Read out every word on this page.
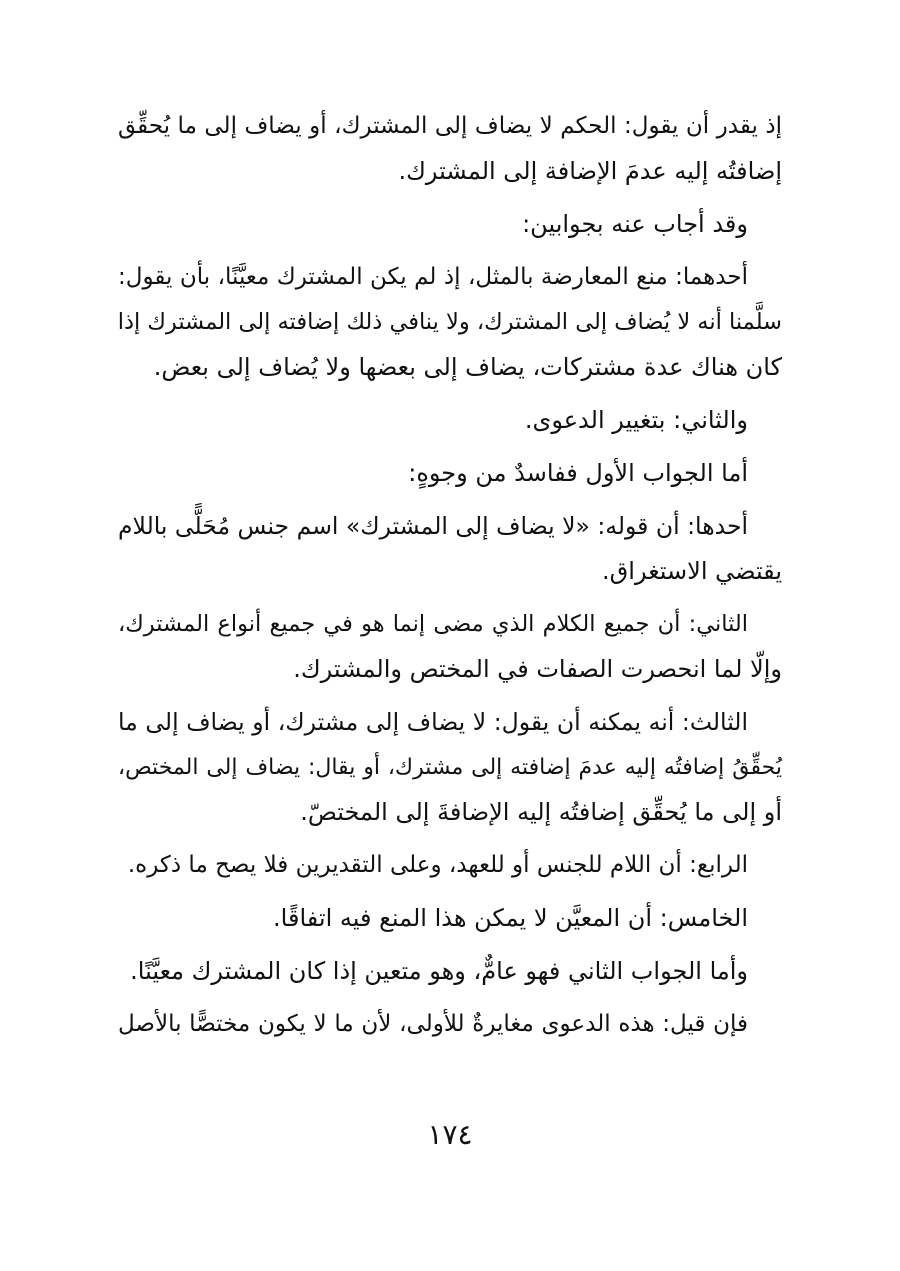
إذ يقدر أن يقول: الحكم لا يضاف إلى المشترك، أو يضاف إلى ما يُحقِّق
إضافتُه إليه عدمَ الإضافة إلى المشترك.

وقد أجاب عنه بجوابين:

أحدهما: منع المعارضة بالمثل، إذ لم يكن المشترك معيَّنًا، بأن يقول:
سلَّمنا أنه لا يُضاف إلى المشترك، ولا ينافي ذلك إضافته إلى المشترك إذا
كان هناك عدة مشتركات، يضاف إلى بعضها ولا يُضاف إلى بعض.

والثاني: بتغيير الدعوى.

أما الجواب الأول ففاسدٌ من وجوهٍ:

أحدها: أن قوله: «لا يضاف إلى المشترك» اسم جنس مُحَلًّى باللام
يقتضي الاستغراق.

الثاني: أن جميع الكلام الذي مضى إنما هو في جميع أنواع المشترك،
وإلّا لما انحصرت الصفات في المختص والمشترك.

الثالث: أنه يمكنه أن يقول: لا يضاف إلى مشترك، أو يضاف إلى ما
يُحقِّقُ إضافتُه إليه عدمَ إضافته إلى مشترك، أو يقال: يضاف إلى المختص،
أو إلى ما يُحقِّق إضافتُه إليه الإضافةَ إلى المختصّ.

الرابع: أن اللام للجنس أو للعهد، وعلى التقديرين فلا يصح ما ذكره.

الخامس: أن المعيَّن لا يمكن هذا المنع فيه اتفاقًا.

وأما الجواب الثاني فهو عامٌّ، وهو متعين إذا كان المشترك معيَّنًا.

فإن قيل: هذه الدعوى مغايرةٌ للأولى، لأن ما لا يكون مختصًّا بالأصل

١٧٤
